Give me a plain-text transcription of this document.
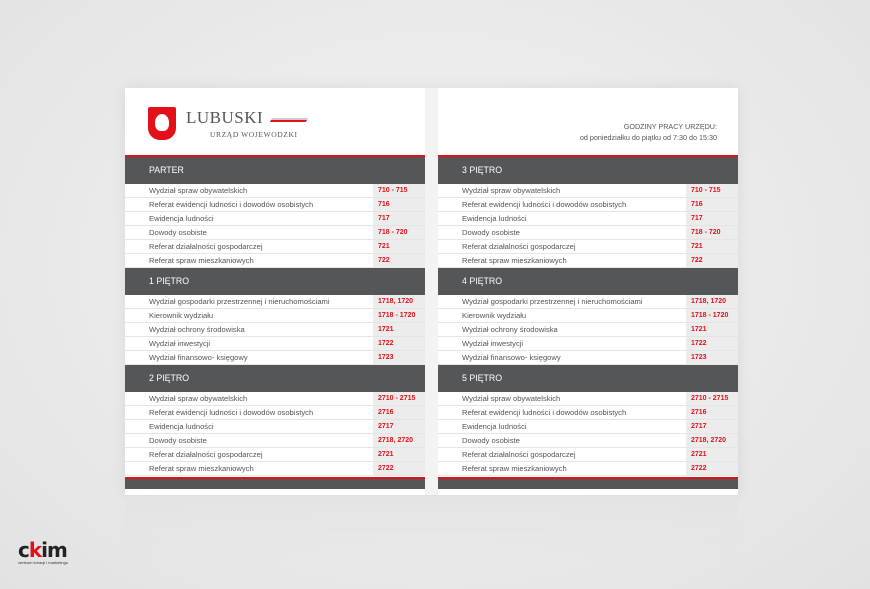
LUBUSKI
URZĄD WOJEWODZKI
PARTER
Wydział spraw obywatelskich	710 - 715
Referat ewidencji ludności i dowodów osobistych	716
Ewidencja ludności	717
Dowody osobiste	718 - 720
Referat działalności gospodarczej	721
Referat spraw mieszkaniowych	722
1 PIĘTRO
Wydział gospodarki przestrzennej i nieruchomościami	1718, 1720
Kierownik wydziału	1718 - 1720
Wydział ochrony środowiska	1721
Wydział inwestycji	1722
Wydział finansowo- księgowy	1723
2 PIĘTRO
Wydział spraw obywatelskich	2710 - 2715
Referat ewidencji ludności i dowodów osobistych	2716
Ewidencja ludności	2717
Dowody osobiste	2718, 2720
Referat działalności gospodarczej	2721
Referat spraw mieszkaniowych	2722
GODZINY PRACY URZĘDU:
od poniedziałku do piątku od 7:30 do 15:30
3 PIĘTRO
Wydział spraw obywatelskich	710 - 715
Referat ewidencji ludności i dowodów osobistych	716
Ewidencja ludności	717
Dowody osobiste	718 - 720
Referat działalności gospodarczej	721
Referat spraw mieszkaniowych	722
4 PIĘTRO
Wydział gospodarki przestrzennej i nieruchomościami	1718, 1720
Kierownik wydziału	1718 - 1720
Wydział ochrony środowiska	1721
Wydział inwestycji	1722
Wydział finansowo- księgowy	1723
5 PIĘTRO
Wydział spraw obywatelskich	2710 - 2715
Referat ewidencji ludności i dowodów osobistych	2716
Ewidencja ludności	2717
Dowody osobiste	2718, 2720
Referat działalności gospodarczej	2721
Referat spraw mieszkaniowych	2722
ckim
centrum kreacji i marketingu
